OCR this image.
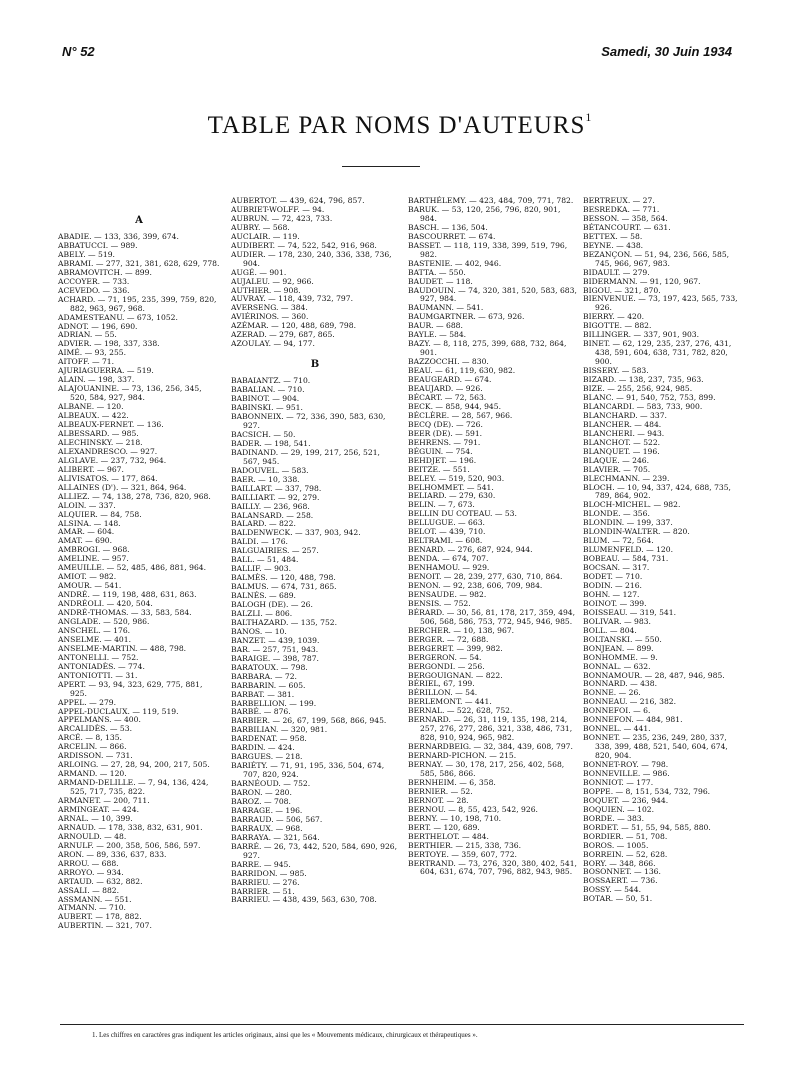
N° 52	Samedi, 30 Juin 1934
TABLE PAR NOMS D'AUTEURS$^1$
A
ABADIE. — 133, 336, 399, 674.
ABBATUCCI. — 989.
ABELY. — 519.
ABRAMI. — 277, 321, 381, 628, 629, 778.
ABRAMOVITCH. — 899.
ACCOYER. — 733.
ACEVEDO. — 336.
ACHARD. — 71, 195, 235, 399, 759, 820, 882, 963, 967, 968.
ADAMESTEANU. — 673, 1052.
ADNOT. — 196, 690.
ADRIAN. — 55.
ADVIER. — 198, 337, 338.
AIMÉ. — 93, 255.
AITOFF. — 71.
AJURIAGUERRA. — 519.
ALAIN. — 198, 337.
ALAJOUANINE. — 73, 136, 256, 345, 520, 584, 927, 984.
ALBANE. — 120.
ALBEAUX. — 422.
ALBEAUX-FERNET. — 136.
ALBESSARD. — 985.
ALECHINSKY. — 218.
ALEXANDRESCO. — 927.
ALGLAVE. — 237, 732, 964.
ALIBERT. — 967.
ALIVISATOS. — 177, 864.
ALLAINES (D'). — 321, 864, 964.
ALLIEZ. — 74, 138, 278, 736, 820, 968.
ALOIN. — 337.
ALQUIER. — 84, 758.
ALSINA. — 148.
AMAR. — 604.
AMAT. — 690.
AMBROGI. — 968.
AMELINE. — 957.
AMEUILLE. — 52, 485, 486, 881, 964.
AMIOT. — 982.
AMOUR. — 541.
ANDRÉ. — 119, 198, 488, 631, 863.
ANDRÉOLI. — 420, 504.
ANDRÉ-THOMAS. — 33, 583, 584.
ANGLADE. — 520, 986.
ANSCHEL. — 176.
ANSELME. — 401.
ANSELME-MARTIN. — 488, 798.
ANTONELLI. — 752.
ANTONIADÈS. — 774.
ANTONIOTTI. — 31.
APERT. — 93, 94, 323, 629, 775, 881, 925.
APPEL. — 279.
APPEL-DUCLAUX. — 119, 519.
APPELMANS. — 400.
ARCALIDÈS. — 53.
ARCÉ. — 8, 135.
ARCELIN. — 866.
ARDISSON. — 731.
ARLOING. — 27, 28, 94, 200, 217, 505.
ARMAND. — 120.
ARMAND-DELILLE. — 7, 94, 136, 424, 525, 717, 735, 822.
ARMANET. — 200, 711.
ARMINGEAT. — 424.
ARNAL. — 10, 399.
ARNAUD. — 178, 338, 832, 631, 901.
ARNOULD. — 48.
ARNULF. — 200, 358, 506, 586, 597.
ARON. — 89, 336, 637, 833.
ARROU. — 688.
ARROYO. — 934.
ARTAUD. — 632, 882.
ASSALI. — 882.
ASSMANN. — 551.
ATMANN. — 710.
AUBERT. — 178, 882.
AUBERTIN. — 321, 707.
AUBERTOT. — 439, 624, 796, 857.
AUBRIET-WOLFF. — 94.
AUBRUN. — 72, 423, 733.
AUBRY. — 568.
AUCLAIR. — 119.
AUDIBERT. — 74, 522, 542, 916, 968.
AUDIER. — 178, 230, 240, 336, 338, 736, 904.
AUGÉ. — 901.
AUJALEU. — 92, 966.
AUTHIER. — 908.
AUVRAY. — 118, 439, 732, 797.
AVERSENG. — 384.
AVIÉRINOS. — 360.
AZÉMAR. — 120, 488, 689, 798.
AZERAD. — 279, 687, 865.
AZOULAY. — 94, 177.
B
BABAIANTZ. — 710.
BABALIAN. — 710.
BABINOT. — 904.
BABINSKI. — 951.
BABONNEIX. — 72, 336, 390, 583, 630, 927.
BACSICH. — 50.
BADER. — 198, 541.
BADINAND. — 29, 199, 217, 256, 521, 567, 945.
BADOUVEL. — 583.
BAER. — 10, 338.
BAILLART. — 337, 798.
BAILLIART. — 92, 279.
BAILLY. — 236, 968.
BALANSARD. — 258.
BALARD. — 822.
BALDENWECK. — 337, 903, 942.
BALDI. — 176.
BALGUAIRIES. — 257.
BALL. — 51, 484.
BALLIF. — 903.
BALMÈS. — 120, 488, 798.
BALMUS. — 674, 731, 865.
BALNÉS. — 689.
BALOGH (DE). — 26.
BALZLI. — 806.
BALTHAZARD. — 135, 752.
BANOS. — 10.
BANZET. — 439, 1039.
BAR. — 257, 751, 943.
BARAIGE. — 398, 787.
BARATOUX. — 798.
BARBARA. — 72.
BARBARIN. — 605.
BARBAT. — 381.
BARBELLION. — 199.
BARBÉ. — 876.
BARBIER. — 26, 67, 199, 568, 866, 945.
BARBILIAN. — 320, 981.
BARDENAT. — 958.
BARDIN. — 424.
BARGUES. — 218.
BARIÉTY. — 71, 91, 195, 336, 504, 674, 707, 820, 924.
BARNÉOUD. — 752.
BARON. — 280.
BAROZ. — 708.
BARRAGE. — 196.
BARRAUD. — 506, 567.
BARRAUX. — 968.
BARRAYA. — 321, 564.
BARRÉ. — 26, 73, 442, 520, 584, 690, 926, 927.
BARRE. — 945.
BARRIDON. — 985.
BARRIEU. — 276.
BARRIER. — 51.
BARRIEU. — 438, 439, 563, 630, 708.
BARTHÉLEMY. — 423, 484, 709, 771, 782.
BARUK. — 53, 120, 256, 796, 820, 901, 984.
BASCH. — 136, 504.
BASCOURRET. — 674.
BASSET. — 118, 119, 338, 399, 519, 796, 982.
BASTENIE. — 402, 946.
BATTA. — 550.
BAUDET. — 118.
BAUDOUIN. — 74, 320, 381, 520, 583, 683, 927, 984.
BAUMANN. — 541.
BAUMGARTNER. — 673, 926.
BAUR. — 688.
BAYLE. — 584.
BAZY. — 8, 118, 275, 399, 688, 732, 864, 901.
BAZZOCCHI. — 830.
BEAU. — 61, 119, 630, 982.
BEAUGEARD. — 674.
BEAUJARD. — 926.
BÉCART. — 72, 563.
BECK. — 858, 944, 945.
BÉCLÈRE. — 28, 567, 966.
BECQ (DE). — 726.
BEER (DE). — 591.
BEHRENS. — 791.
BÉGUIN. — 754.
BEHDJET. — 196.
BEITZE. — 551.
BELEY. — 519, 520, 903.
BELHOMMET. — 541.
BELIARD. — 279, 630.
BELIN. — 7, 673.
BELLIN DU COTEAU. — 53.
BELLUGUE. — 663.
BELOT. — 439, 710.
BELTRAMI. — 608.
BENARD. — 276, 687, 924, 944.
BENDA. — 674, 707.
BENHAMOU. — 929.
BENOIT. — 28, 239, 277, 630, 710, 864.
BENON. — 92, 238, 606, 709, 984.
BENSAUDE. — 982.
BENSIS. — 752.
BÉRARD. — 30, 56, 81, 178, 217, 359, 494, 506, 568, 586, 753, 772, 945, 946, 985.
BERCHER. — 10, 138, 967.
BERGER. — 72, 688.
BERGERET. — 399, 982.
BERGERON. — 54.
BERGONDI. — 256.
BERGOUIGNAN. — 822.
BÉRIEL, 67, 199.
BÉRILLON. — 54.
BERLEMONT. — 441.
BERNAL. — 522, 628, 752.
BERNARD. — 26, 31, 119, 135, 198, 214, 257, 276, 277, 286, 321, 338, 486, 731, 828, 910, 924, 965, 982.
BERNARDBEIG. — 32, 384, 439, 608, 797.
BERNARD-PICHON. — 215.
BERNAY. — 30, 178, 217, 256, 402, 568, 585, 586, 866.
BERNHEIM. — 6, 358.
BERNIER. — 52.
BERNOT. — 28.
BERNOU. — 8, 55, 423, 542, 926.
BERNY. — 10, 198, 710.
BERT. — 120, 689.
BERTHELOT. — 484.
BERTHIER. — 215, 338, 736.
BERTOYE. — 359, 607, 772.
BERTRAND. — 73, 276, 320, 380, 402, 541, 604, 631, 674, 707, 796, 882, 943, 985.
BERTREUX. — 27.
BESREDKA. — 771.
BESSON. — 358, 564.
BÉTANCOURT. — 631.
BETTEX. — 58.
BEYNE. — 438.
BEZANÇON. — 51, 94, 236, 566, 585, 745, 966, 967, 983.
BIDAULT. — 279.
BIDERMANN. — 91, 120, 967.
BIGOU. — 321, 870.
BIENVENUE. — 73, 197, 423, 565, 733, 926.
BIERRY. — 420.
BIGOTTE. — 882.
BILLINGER. — 337, 901, 903.
BINET. — 62, 129, 235, 237, 276, 431, 438, 591, 604, 638, 731, 782, 820, 900.
BISSERY. — 583.
BIZARD. — 138, 237, 735, 963.
BIZE. — 255, 256, 924, 985.
BLANC. — 91, 540, 752, 753, 899.
BLANCARDI. — 583, 733, 900.
BLANCHARD. — 337.
BLANCHER. — 484.
BLANCHERI. — 943.
BLANCHOT. — 522.
BLANQUET. — 196.
BLAQUE. — 246.
BLAVIER. — 705.
BLECHMANN. — 239.
BLOCH. — 10, 94, 337, 424, 688, 735, 789, 864, 902.
BLOCH-MICHEL. — 982.
BLONDE. — 356.
BLONDIN. — 199, 337.
BLONDIN-WALTER. — 820.
BLUM. — 72, 564.
BLUMENFELD. — 120.
BOBEAU. — 584, 731.
BOCSAN. — 317.
BODET. — 710.
BODIN. — 216.
BOHN. — 127.
BOINOT. — 399.
BOISSEAU. — 319, 541.
BOLIVAR. — 983.
BOLL. — 804.
BOLTANSKI. — 550.
BONJEAN. — 899.
BONHOMME. — 9.
BONNAL. — 632.
BONNAMOUR. — 28, 487, 946, 985.
BONNARD. — 438.
BONNE. — 26.
BONNEAU. — 216, 382.
BONNEFOI. — 6.
BONNEFON. — 484, 981.
BONNEL. — 441.
BONNET. — 235, 236, 249, 280, 337, 338, 399, 488, 521, 540, 604, 674, 820, 904.
BONNET-ROY. — 798.
BONNEVILLE. — 986.
BONNIOT. — 177.
BOPPE. — 8, 151, 534, 732, 796.
BOQUET. — 236, 944.
BOQUIEN. — 102.
BORDE. — 383.
BORDET. — 51, 55, 94, 585, 880.
BORDIER. — 51, 708.
BOROS. — 1005.
BORREIN. — 52, 628.
BORY. — 348, 866.
BOSONNET. — 136.
BOSSAERT. — 736.
BOSSY. — 544.
BOTAR. — 50, 51.
1. Les chiffres en caractères gras indiquent les articles originaux, ainsi que les « Mouvements médicaux, chirurgicaux et thérapeutiques ».
